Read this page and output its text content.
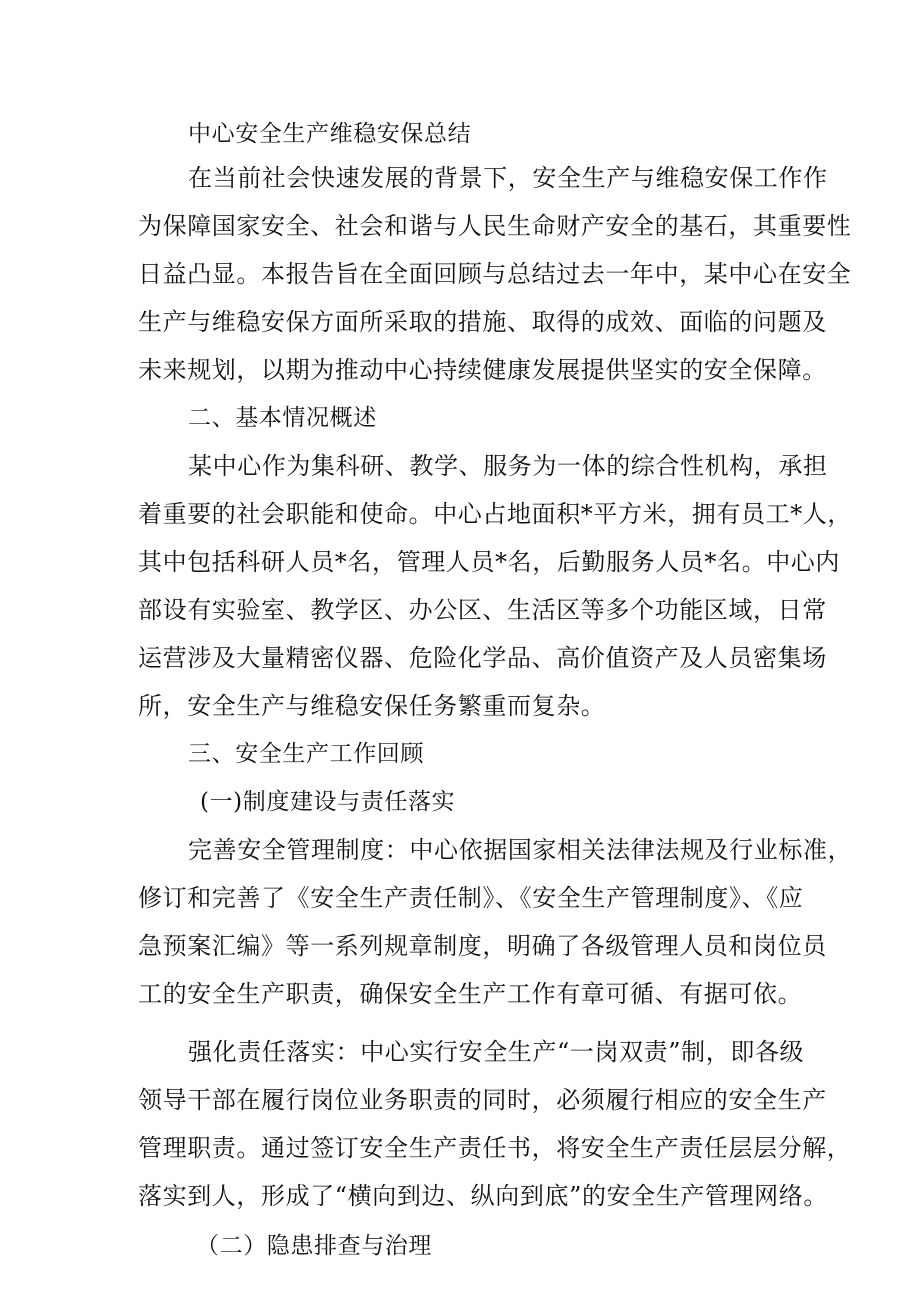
中心安全生产维稳安保总结
在当前社会快速发展的背景下，安全生产与维稳安保工作作
为保障国家安全、社会和谐与人民生命财产安全的基石，其重要性
日益凸显。本报告旨在全面回顾与总结过去一年中，某中心在安全
生产与维稳安保方面所采取的措施、取得的成效、面临的问题及
未来规划，以期为推动中心持续健康发展提供坚实的安全保障。
二、基本情况概述
某中心作为集科研、教学、服务为一体的综合性机构，承担
着重要的社会职能和使命。中心占地面积*平方米，拥有员工*人，
其中包括科研人员*名，管理人员*名，后勤服务人员*名。中心内
部设有实验室、教学区、办公区、生活区等多个功能区域，日常
运营涉及大量精密仪器、危险化学品、高价值资产及人员密集场
所，安全生产与维稳安保任务繁重而复杂。
三、安全生产工作回顾
(一)制度建设与责任落实
完善安全管理制度：中心依据国家相关法律法规及行业标准，
修订和完善了《安全生产责任制》、《安全生产管理制度》、《应
急预案汇编》等一系列规章制度，明确了各级管理人员和岗位员
工的安全生产职责，确保安全生产工作有章可循、有据可依。
强化责任落实：中心实行安全生产“一岗双责”制，即各级
领导干部在履行岗位业务职责的同时，必须履行相应的安全生产
管理职责。通过签订安全生产责任书，将安全生产责任层层分解，
落实到人，形成了“横向到边、纵向到底”的安全生产管理网络。
（二）隐患排查与治理
